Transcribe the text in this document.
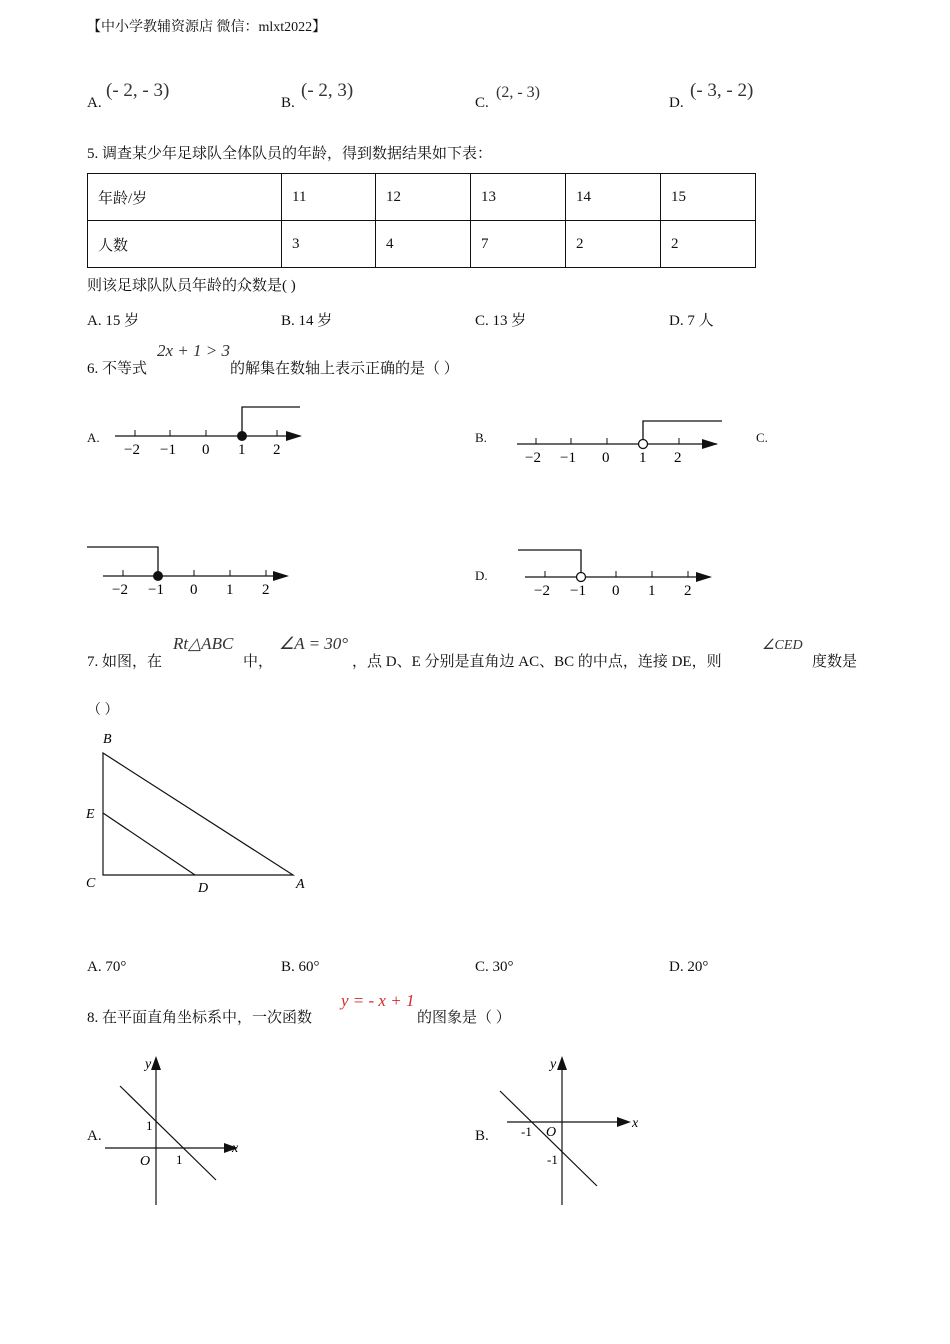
【中小学教辅资源店 微信：mlxt2022】
A.
(- 2, - 3)
B.
(- 2, 3)
C.
(2, - 3)
D.
(- 3, - 2)
5. 调查某少年足球队全体队员的年龄，得到数据结果如下表：
年龄/岁	11	12	13	14	15
人数	3	4	7	2	2
则该足球队队员年龄的众数是( )
A. 15 岁	B. 14 岁	C. 13 岁	D. 7 人
6. 不等式
2x + 1 > 3
的解集在数轴上表示正确的是（ ）
A.	B.	C.
D.
−2 −1 0 1 2	−2 −1 0 1 2
−2 −1 0 1 2	−2 −1 0 1 2
7. 如图，在
Rt△ABC
中，
∠A = 30°
，点 D、E 分别是直角边 AC、BC 的中点，连接 DE，则
∠CED
度数是
（ ）
B
E
C	D	A
A. 70°	B. 60°	C. 30°	D. 20°
8. 在平面直角坐标系中，一次函数
y = - x + 1
的图象是（ ）
A.
y
x
O
1
1
B.
y
x
O
-1
-1
